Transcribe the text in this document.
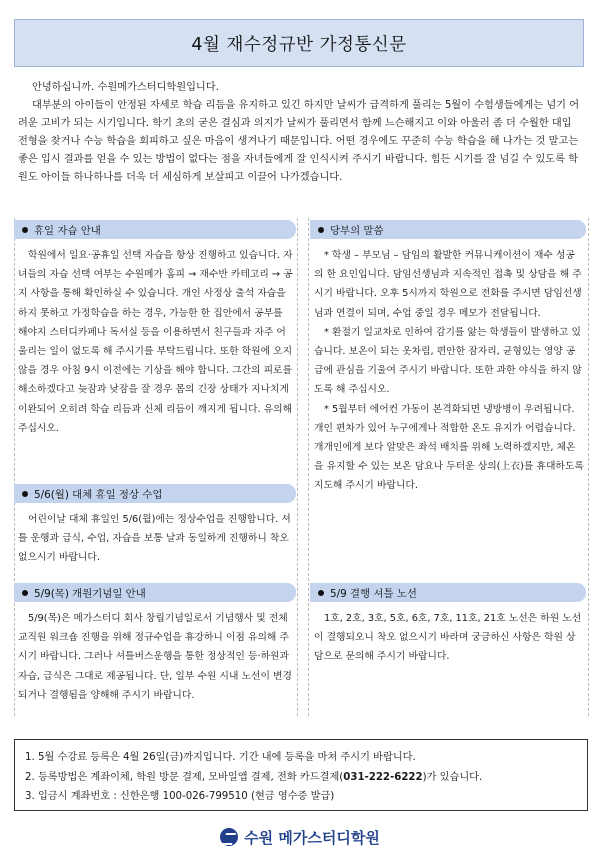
4월 재수정규반 가정통신문

안녕하십니까. 수원메가스터디학원입니다.

대부분의 아이들이 안정된 자세로 학습 리듬을 유지하고 있긴 하지만 날씨가 급격하게 풀리는 5월이 수험생들에게는 넘기 어려운 고비가 되는 시기입니다. 학기 초의 굳은 결심과 의지가 날씨가 풀리면서 함께 느슨해지고 이와 아울러 좀 더 수월한 대입 전형을 찾거나 수능 학습을 회피하고 싶은 마음이 생겨나기 때문입니다. 어떤 경우에도 꾸준히 수능 학습을 해 나가는 것 말고는 좋은 입시 결과를 얻을 수 있는 방법이 없다는 점을 자녀들에게 잘 인식시켜 주시기 바랍니다. 힘든 시기를 잘 넘길 수 있도록 학원도 아이들 하나하나를 더욱 더 세심하게 보살피고 이끌어 나가겠습니다.

휴일 자습 안내

학원에서 일요·공휴일 선택 자습을 항상 진행하고 있습니다. 자녀들의 자습 선택 여부는 수원메가 홈피 → 재수반 카테고리 → 공지 사항을 통해 확인하실 수 있습니다. 개인 사정상 출석 자습을 하지 못하고 가정학습을 하는 경우, 가능한 한 집안에서 공부를 해야지 스터디카페나 독서실 등을 이용하면서 친구들과 자주 어울리는 일이 없도록 해 주시기를 부탁드립니다. 또한 학원에 오지 않을 경우 아침 9시 이전에는 기상을 해야 합니다. 그간의 피로를 해소하겠다고 늦잠과 낮잠을 잘 경우 몸의 긴장 상태가 지나치게 이완되어 오히려 학습 리듬과 신체 리듬이 깨지게 됩니다. 유의해 주십시오.

5/6(월) 대체 휴일 정상 수업

어린이날 대체 휴일인 5/6(월)에는 정상수업을 진행합니다. 셔틀 운행과 급식, 수업, 자습을 보통 날과 동일하게 진행하니 착오 없으시기 바랍니다.

5/9(목) 개원기념일 안내

5/9(목)은 메가스터디 회사 창립기념일로서 기념행사 및 전체 교직원 워크숍 진행을 위해 정규수업을 휴강하니 이점 유의해 주시기 바랍니다. 그러나 셔틀버스운행을 통한 정상적인 등·하원과 자습, 급식은 그대로 제공됩니다. 단, 일부 수원 시내 노선이 변경되거나 결행됨을 양해해 주시기 바랍니다.

당부의 말씀

* 학생 – 부모님 – 담임의 활발한 커뮤니케이션이 재수 성공의 한 요인입니다. 담임선생님과 지속적인 접촉 및 상담을 해 주시기 바랍니다. 오후 5시까지 학원으로 전화를 주시면 담임선생님과 연결이 되며, 수업 중일 경우 메모가 전달됩니다.

* 환절기 일교차로 인하여 감기를 앓는 학생들이 발생하고 있습니다. 보온이 되는 옷차림, 편안한 잠자리, 균형있는 영양 공급에 관심을 기울여 주시기 바랍니다. 또한 과한 야식을 하지 않도록 해 주십시오.

* 5월부터 에어컨 가동이 본격화되면 냉방병이 우려됩니다. 개인 편차가 있어 누구에게나 적합한 온도 유지가 어렵습니다. 개개인에게 보다 알맞은 좌석 배치를 위해 노력하겠지만, 체온을 유지할 수 있는 보온 담요나 두터운 상의(上衣)를 휴대하도록 지도해 주시기 바랍니다.

5/9 결행 셔틀 노선

1호, 2호, 3호, 5호, 6호, 7호, 11호, 21호 노선은 하원 노선이 결행되오니 착오 없으시기 바라며 궁금하신 사항은 학원 상담으로 문의해 주시기 바랍니다.

1. 5월 수강료 등록은 4월 26일(금)까지입니다. 기간 내에 등록을 마쳐 주시기 바랍니다.
2. 등록방법은 계좌이체, 학원 방문 결제, 모바일앱 결제, 전화 카드결제(031-222-6222)가 있습니다.
3. 입금시 계좌번호 : 신한은행 100-026-799510 (현금 영수증 발급)
수원 메가스터디학원
